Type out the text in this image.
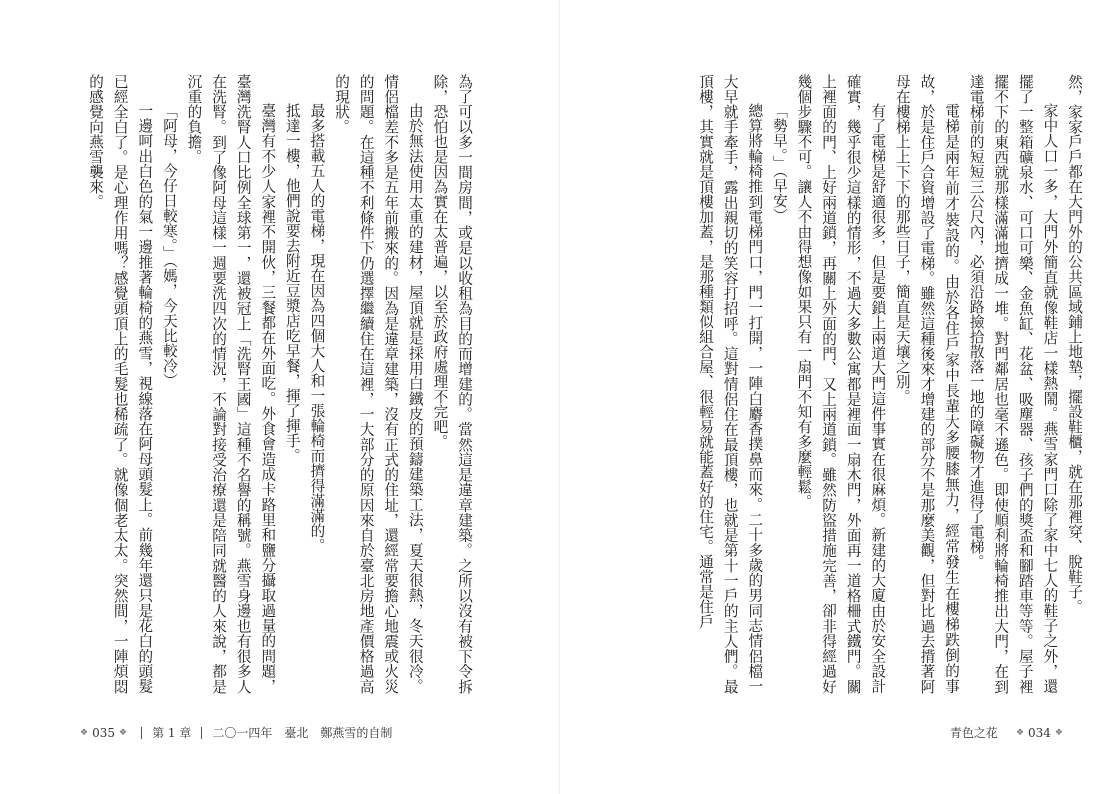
為了可以多一間房間，或是以收租為目的而增建的。當然這是違章建築。之所以沒有被下令拆除，恐怕也是因為實在太普遍，以至於政府處理不完吧。

由於無法使用太重的建材，屋頂就是採用白鐵皮的預鑄建築工法，夏天很熱，冬天很冷。情侶檔差不多是五年前搬來的。因為是違章建築，沒有正式的住址，還經常要擔心地震或火災的問題。在這種不利條件下仍選擇繼續住在這裡，一大部分的原因來自於臺北房地產價格過高的現狀。

最多搭載五人的電梯，現在因為四個大人和一張輪椅而擠得滿滿的。

抵達一樓，他們說要去附近豆漿店吃早餐，揮了揮手。

臺灣有不少人家裡不開伙，三餐都在外面吃。外食會造成卡路里和鹽分攝取過量的問題，臺灣洗腎人口比例全球第一，還被冠上「洗腎王國」這種不名譽的稱號。燕雪身邊也有很多人在洗腎。到了像阿母這樣一週要洗四次的情況，不論對接受治療還是陪同就醫的人來說，都是沉重的負擔。

「阿母，今仔日較寒。」（媽，今天比較冷）

一邊呵出白色的氣一邊推著輪椅的燕雪，視線落在阿母頭髮上。前幾年還只是花白的頭髮已經全白了。是心理作用嗎？感覺頭頂上的毛髮也稀疏了。就像個老太太。突然間，一陣煩悶的感覺向燕雪襲來。

❖ 035 ❖ 第 1 章 二〇一四年　臺北　鄭燕雪的自制

然，家家戶戶都在大門外的公共區域鋪上地墊，擺設鞋櫃，就在那裡穿、脫鞋子。

家中人口一多，大門外簡直就像鞋店一樣熱鬧。燕雪家門口除了家中七人的鞋子之外，還擺了一整箱礦泉水、可口可樂、金魚缸、花盆、吸塵器、孩子們的獎盃和腳踏車等等。屋子裡擺不下的東西就那樣滿滿地擠成一堆。對門鄰居也毫不遜色。即使順利將輪椅推出大門，在到達電梯前的短短三公尺內，必須沿路撿拾散落一地的障礙物才進得了電梯。

電梯是兩年前才裝設的。由於各住戶家中長輩大多腰膝無力，經常發生在樓梯跌倒的事故，於是住戶合資增設了電梯。雖然這種後來才增建的部分不是那麼美觀，但對比過去揹著阿母在樓梯上上下下的那些日子，簡直是天壤之別。

有了電梯是舒適很多，但是要鎖上兩道大門這件事實在很麻煩。新建的大廈由於安全設計確實，幾乎很少這樣的情形，不過大多數公寓都是裡面一扇木門，外面再一道格柵式鐵門。關上裡面的門、上好兩道鎖，再關上外面的門、又上兩道鎖。雖然防盜措施完善，卻非得經過好幾個步驟不可。讓人不由得想像如果只有一扇門不知有多麼輕鬆。

「勢早。」（早安）

總算將輪椅推到電梯門口，門一打開，一陣白麝香撲鼻而來。二十多歲的男同志情侶檔一大早就手牽手，露出親切的笑容打招呼。這對情侶住在最頂樓，也就是第十一戶的主人們。最頂樓，其實就是頂樓加蓋，是那種類似組合屋、很輕易就能蓋好的住宅。通常是住戶

青色之花 ❖ 034 ❖
